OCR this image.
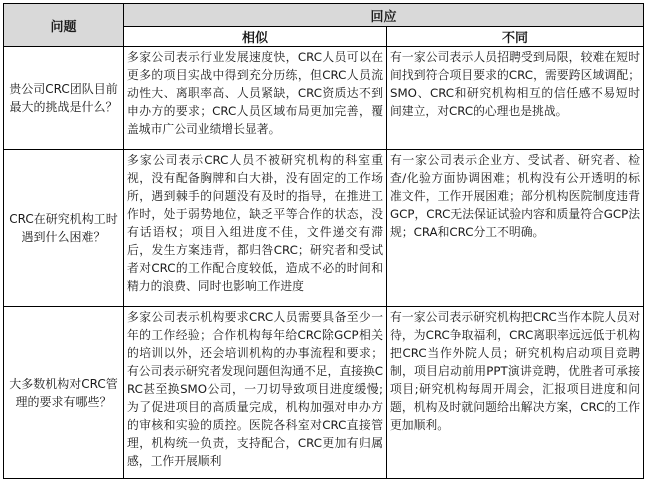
问题	回应	
	相似	不同
贵公司CRC团队目前最大的挑战是什么？	多家公司表示行业发展速度快，CRC人员可以在更多的项目实战中得到充分历练，但CRC人员流动性大、离职率高、人员紧缺，CRC资质达不到申办方的要求；CRC人员区域布局更加完善，覆盖城市广公司业绩增长显著。	有一家公司表示人员招聘受到局限，较难在短时间找到符合项目要求的CRC，需要跨区域调配；SMO、CRC和研究机构相互的信任感不易短时间建立，对CRC的心理也是挑战。
CRC在研究机构工时遇到什么困难？	多家公司表示CRC人员不被研究机构的科室重视，没有配备胸牌和白大褂，没有固定的工作场所，遇到棘手的问题没有及时的指导，在推进工作时，处于弱势地位，缺乏平等合作的状态，没有话语权；项目入组进度不佳，文件递交有滞后，发生方案违背，都归咎CRC；研究者和受试者对CRC的工作配合度较低，造成不必的时间和精力的浪费、同时也影响工作进度	有一家公司表示企业方、受试者、研究者、检查/化验方面协调困难；机构没有公开透明的标准文件，工作开展困难；部分机构医院制度违背GCP，CRC无法保证试验内容和质量符合GCP法规；CRA和CRC分工不明确。
大多数机构对CRC管理的要求有哪些？	多家公司表示机构要求CRC人员需要具备至少一年的工作经验；合作机构每年给CRC除GCP相关的培训以外，还会培训机构的办事流程和要求；有公司表示研究者发现问题但沟通不足，直接换CRC甚至换SMO公司，一刀切导致项目进度缓慢;为了促进项目的高质量完成，机构加强对申办方的审核和实验的质控。医院各科室对CRC直接管理，机构统一负责，支持配合，CRC更加有归属感，工作开展顺利	有一家公司表示研究机构把CRC当作本院人员对待，为CRC争取福利，CRC离职率远远低于机构把CRC当作外院人员；研究机构启动项目竞聘制，项目启动前用PPT演讲竞聘，优胜者可承接项目;研究机构每周开周会，汇报项目进度和问题，机构及时就问题给出解决方案，CRC的工作更加顺利。
